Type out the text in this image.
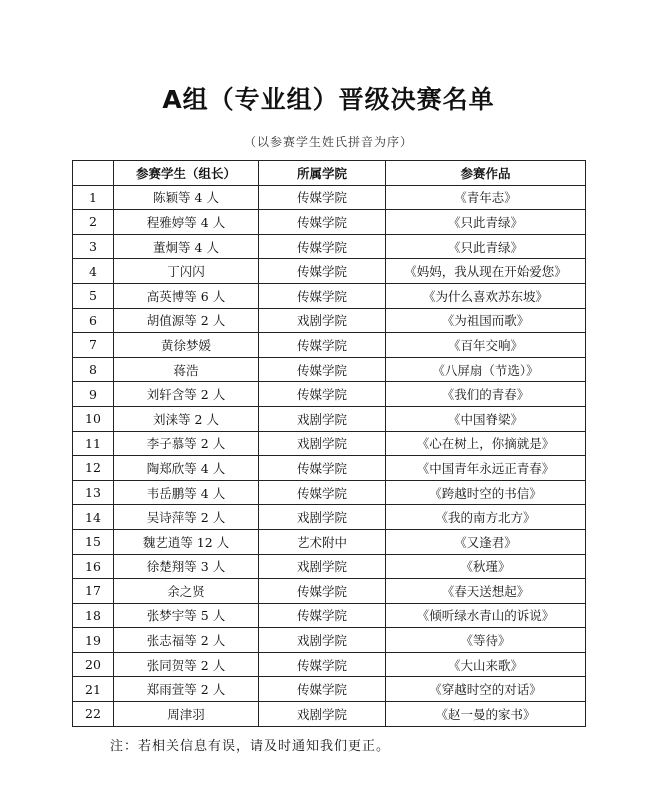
A组（专业组）晋级决赛名单
（以参赛学生姓氏拼音为序）
	参赛学生（组长）	所属学院	参赛作品
1	陈颖等 4 人	传媒学院	《青年志》
2	程雅婷等 4 人	传媒学院	《只此青绿》
3	董炯等 4 人	传媒学院	《只此青绿》
4	丁闪闪	传媒学院	《妈妈，我从现在开始爱您》
5	高英博等 6 人	传媒学院	《为什么喜欢苏东坡》
6	胡值源等 2 人	戏剧学院	《为祖国而歌》
7	黄徐梦媛	传媒学院	《百年交响》
8	蒋浩	传媒学院	《八屏扇（节选）》
9	刘轩含等 2 人	传媒学院	《我们的青春》
10	刘涞等 2 人	戏剧学院	《中国脊梁》
11	李子慕等 2 人	戏剧学院	《心在树上，你摘就是》
12	陶郑欣等 4 人	传媒学院	《中国青年永远正青春》
13	韦岳鹏等 4 人	传媒学院	《跨越时空的书信》
14	吴诗萍等 2 人	戏剧学院	《我的南方北方》
15	魏艺逍等 12 人	艺术附中	《又逢君》
16	徐楚翔等 3 人	戏剧学院	《秋瑾》
17	余之贤	传媒学院	《春天送想起》
18	张梦宇等 5 人	传媒学院	《倾听绿水青山的诉说》
19	张志福等 2 人	戏剧学院	《等待》
20	张同贺等 2 人	传媒学院	《大山来歌》
21	郑雨萱等 2 人	传媒学院	《穿越时空的对话》
22	周津羽	戏剧学院	《赵一曼的家书》
注：若相关信息有误，请及时通知我们更正。
